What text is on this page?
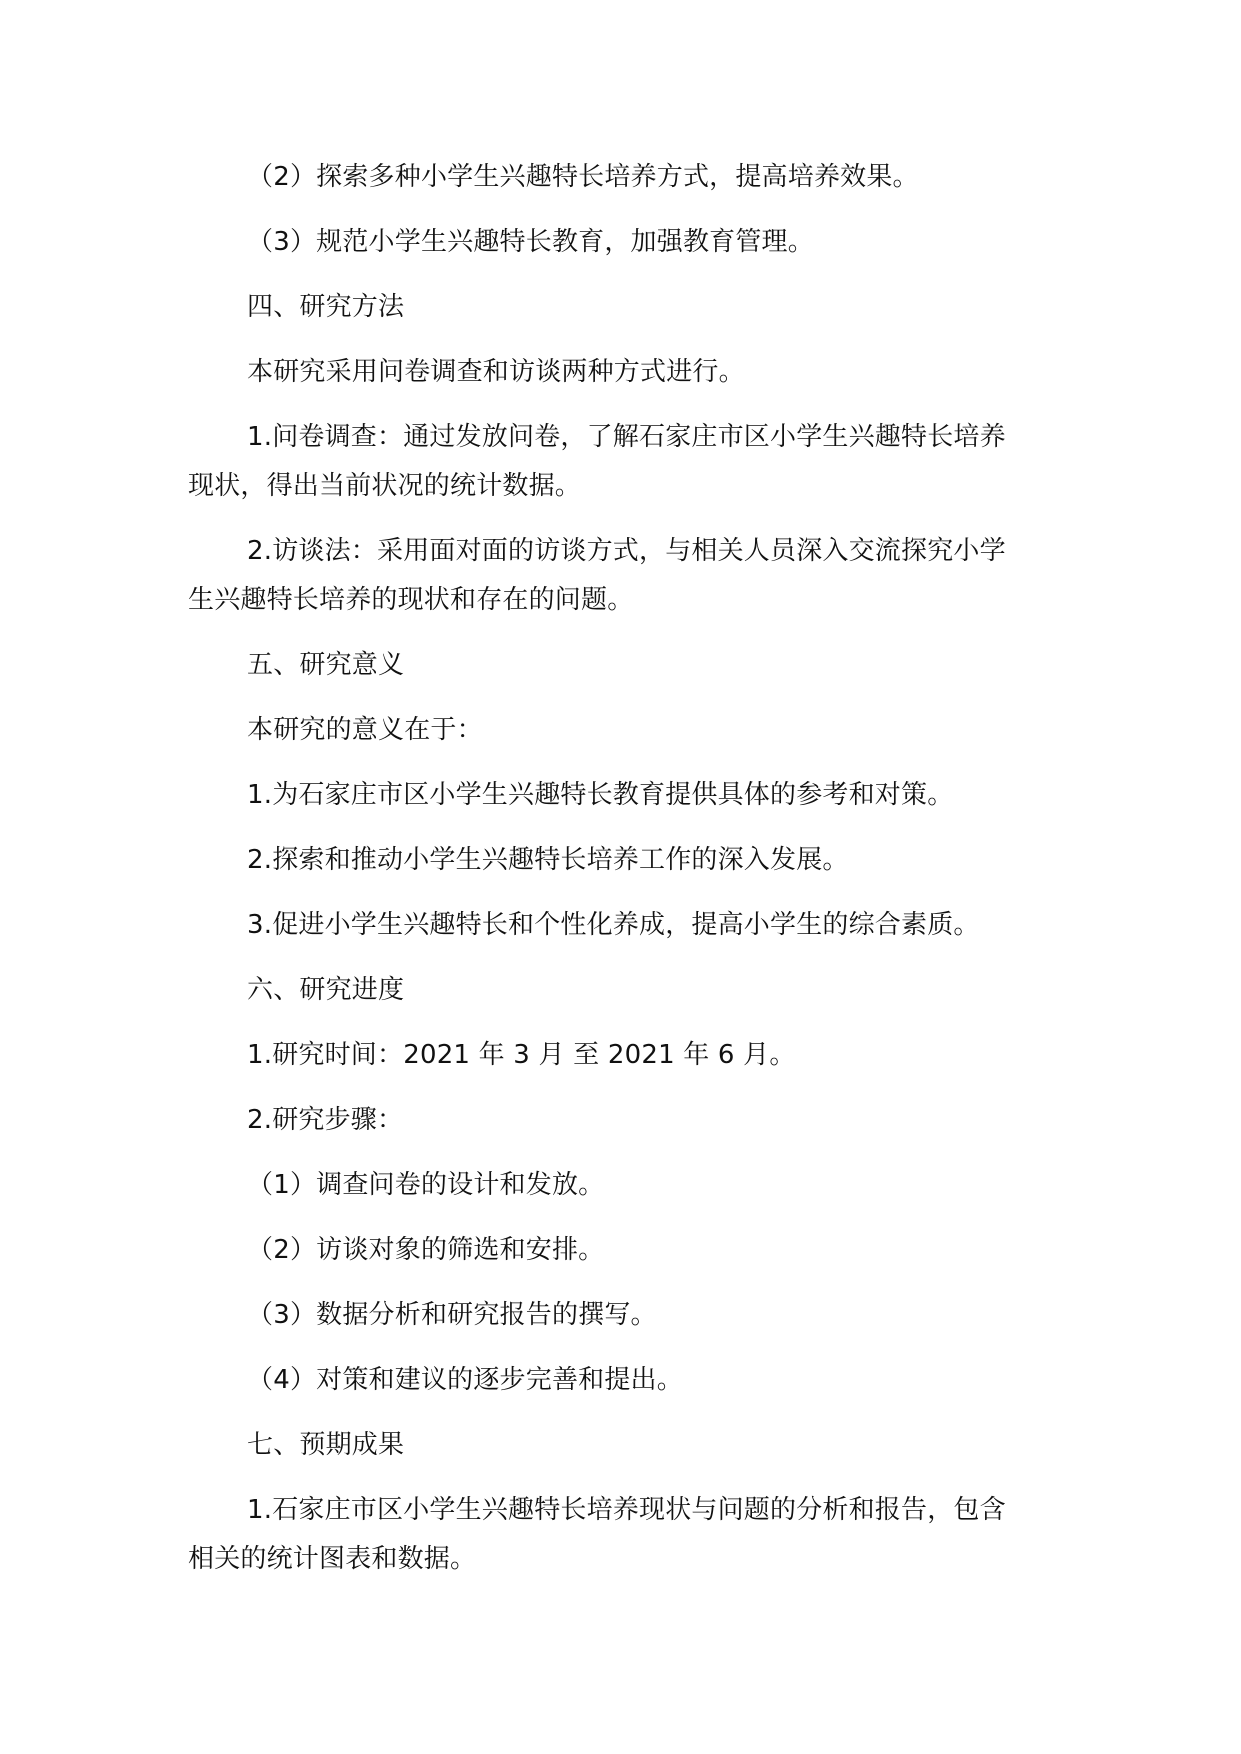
（2）探索多种小学生兴趣特长培养方式，提高培养效果。
（3）规范小学生兴趣特长教育，加强教育管理。
四、研究方法
本研究采用问卷调查和访谈两种方式进行。
1.问卷调查：通过发放问卷，了解石家庄市区小学生兴趣特长培养
现状，得出当前状况的统计数据。
2.访谈法：采用面对面的访谈方式，与相关人员深入交流探究小学
生兴趣特长培养的现状和存在的问题。
五、研究意义
本研究的意义在于：
1.为石家庄市区小学生兴趣特长教育提供具体的参考和对策。
2.探索和推动小学生兴趣特长培养工作的深入发展。
3.促进小学生兴趣特长和个性化养成，提高小学生的综合素质。
六、研究进度
1.研究时间：2021 年 3 月 至 2021 年 6 月。
2.研究步骤：
（1）调查问卷的设计和发放。
（2）访谈对象的筛选和安排。
（3）数据分析和研究报告的撰写。
（4）对策和建议的逐步完善和提出。
七、预期成果
1.石家庄市区小学生兴趣特长培养现状与问题的分析和报告，包含
相关的统计图表和数据。
